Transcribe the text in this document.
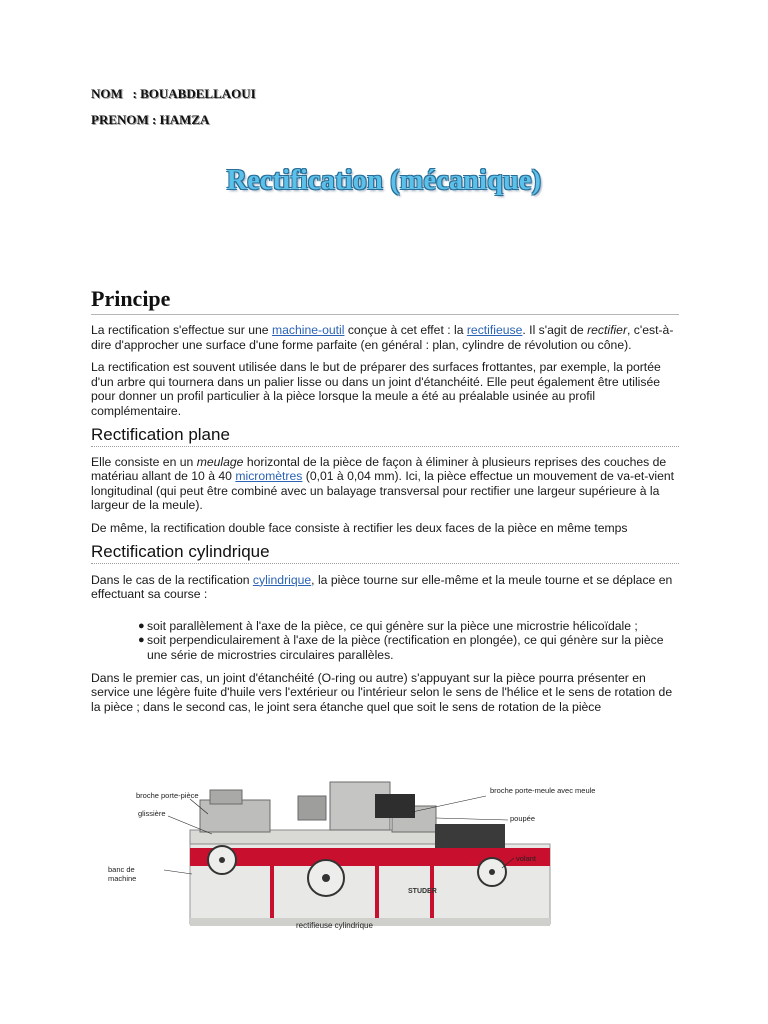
NOM : BOUABDELLAOUI
PRENOM : HAMZA
Rectification (mécanique)
Principe

La rectification s'effectue sur une machine-outil conçue à cet effet : la rectifieuse. Il s'agit de rectifier, c'est-à-dire d'approcher une surface d'une forme parfaite (en général : plan, cylindre de révolution ou cône).

La rectification est souvent utilisée dans le but de préparer des surfaces frottantes, par exemple, la portée d'un arbre qui tournera dans un palier lisse ou dans un joint d'étanchéité. Elle peut également être utilisée pour donner un profil particulier à la pièce lorsque la meule a été au préalable usinée au profil complémentaire.

Rectification plane

Elle consiste en un meulage horizontal de la pièce de façon à éliminer à plusieurs reprises des couches de matériau allant de 10 à 40 micromètres (0,01 à 0,04 mm). Ici, la pièce effectue un mouvement de va-et-vient longitudinal (qui peut être combiné avec un balayage transversal pour rectifier une largeur supérieure à la largeur de la meule).

De même, la rectification double face consiste à rectifier les deux faces de la pièce en même temps

Rectification cylindrique

Dans le cas de la rectification cylindrique, la pièce tourne sur elle-même et la meule tourne et se déplace en effectuant sa course :

● soit parallèlement à l'axe de la pièce, ce qui génère sur la pièce une microstrie hélicoïdale ;
● soit perpendiculairement à l'axe de la pièce (rectification en plongée), ce qui génère sur la pièce une série de microstries circulaires parallèles.

Dans le premier cas, un joint d'étanchéité (O-ring ou autre) s'appuyant sur la pièce pourra présenter en service une légère fuite d'huile vers l'extérieur ou l'intérieur selon le sens de l'hélice et le sens de rotation de la pièce ; dans le second cas, le joint sera étanche quel que soit le sens de rotation de la pièce

STUDER
broche porte-pièce
glissière
banc de
machine
broche porte-meule avec meule
poupée
volant
rectifieuse cylindrique
